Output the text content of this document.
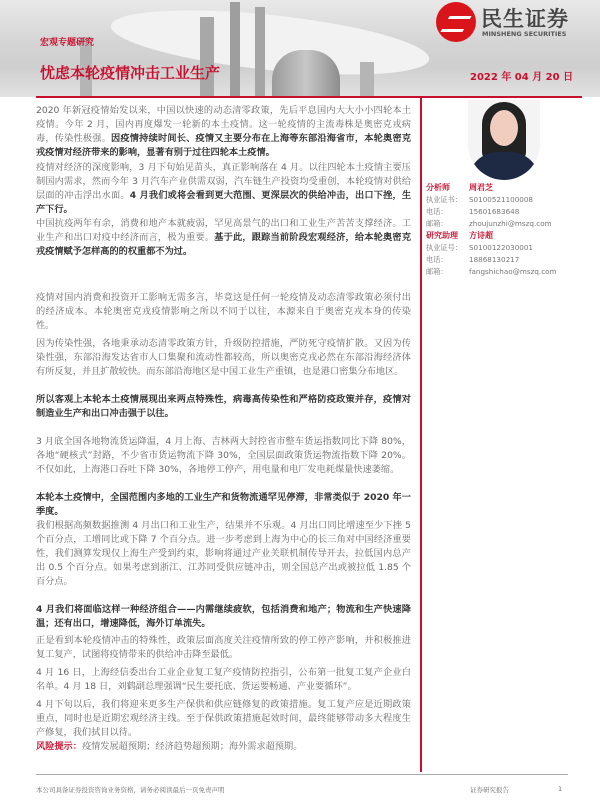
宏观专题研究
忧虑本轮疫情冲击工业生产	2022 年 04 月 20 日
民生证券
MINSHENG SECURITIES
2020 年新冠疫情始发以来，中国以快速的动态清零政策，先后平息国内大大小小四轮本土疫情。今年 2 月，国内再度爆发一轮新的本土疫情。这一轮疫情的主流毒株是奥密克戎病毒，传染性极强。因疫情持续时间长、疫情又主要分布在上海等东部沿海省市，本轮奥密克戎疫情对经济带来的影响，显著有别于过往四轮本土疫情。
疫情对经济的深度影响，3 月下旬始见苗头，真正影响落在 4 月。以往四轮本土疫情主要压制国内需求，然而今年 3 月汽车产业供需双弱，汽车链生产投资均受重创，本轮疫情对供给层面的冲击浮出水面。4 月我们或将会看到更大范围、更深层次的供给冲击，出口下挫，生产下行。
中国抗疫两年有余，消费和地产本就疲弱，罕见高景气的出口和工业生产苦苦支撑经济。工业生产和出口对疫中经济而言，极为重要。基于此，跟踪当前阶段宏观经济，给本轮奥密克戎疫情赋予怎样高的的权重都不为过。
疫情对国内消费和投资开工影响无需多言，毕竟这是任何一轮疫情及动态清零政策必须付出的经济成本。本轮奥密克戎疫情影响之所以不同于以往，本源来自于奥密克戎本身的传染性。
因为传染性强，各地秉承动态清零政策方针，升级防控措施，严防死守疫情扩散。又因为传染性强，东部沿海发达省市人口集聚和流动性都较高，所以奥密克戎必然在东部沿海经济体有所反复，并且扩散较快。而东部沿海地区是中国工业生产重镇，也是港口密集分布地区。
所以客观上本轮本土疫情展现出来两点特殊性，病毒高传染性和严格防疫政策并存，疫情对制造业生产和出口冲击强于以往。
3 月底全国各地物流货运降温，4 月上海、吉林两大封控省市整车货运指数同比下降 80%，各地“硬核式”封路，不少省市货运物流下降 30%，全国层面政策货运物流指数下降 20%。不仅如此，上海港口吞吐下降 30%，各地停工停产，用电量和电厂发电耗煤量快速萎缩。
本轮本土疫情中，全国范围内多地的工业生产和货物流通罕见停滞，非常类似于 2020 年一季度。
我们根据高频数据推测 4 月出口和工业生产，结果并不乐观。4 月出口同比增速至少下挫 5 个百分点，工增同比或下降 7 个百分点。进一步考虑到上海为中心的长三角对中国经济重要性，我们测算发现仅上海生产受到约束，影响将通过产业关联机制传导开去，拉低国内总产出 0.5 个百分点。如果考虑到浙江、江苏同受供应链冲击，则全国总产出或被拉低 1.85 个百分点。
4 月我们将面临这样一种经济组合——内需继续疲软，包括消费和地产；物流和生产快速降温；还有出口，增速降低，海外订单流失。
正是看到本轮疫情冲击的特殊性，政策层面高度关注疫情所致的停工停产影响，并积极推进复工复产，试图将疫情带来的供给冲击降至最低。
4 月 16 日，上海经信委出台工业企业复工复产疫情防控指引，公布第一批复工复产企业白名单。4 月 18 日，刘鹤副总理强调“民生要托底、货运要畅通、产业要循环”。
4 月下旬以后，我们将迎来更多生产保供和供应链修复的政策措施。复工复产应是近期政策重点，同时也是近期宏观经济主线。至于保供政策措施起效时间，最终能够带动多大程度生产修复，我们拭目以待。
风险提示：疫情发展超预期；经济趋势超预期；海外需求超预期。
分析师 周君芝
执业证书： S0100521100008
电话：	15601683648
邮箱：	zhoujunzhi@mszq.com
研究助理 方诗超
执业证号： S0100122030001
电话：	18868130217
邮箱：	fangshichao@mszq.com
本公司具备证券投资咨询业务资格，请务必阅读最后一页免责声明	证券研究报告	1
